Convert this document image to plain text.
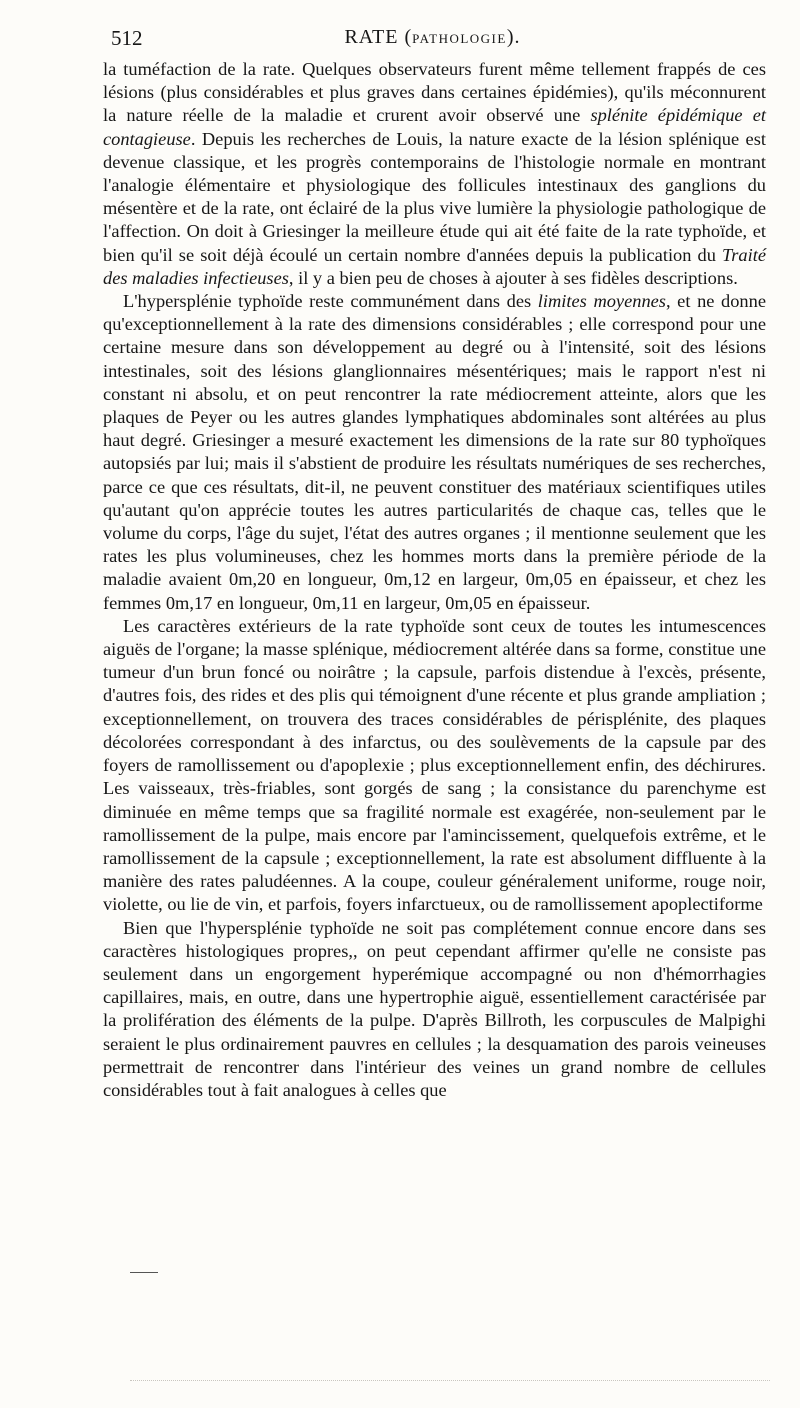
512	RATE (PATHOLOGIE).

la tuméfaction de la rate. Quelques observateurs furent même tellement frappés de ces lésions (plus considérables et plus graves dans certaines épidémies), qu'ils méconnurent la nature réelle de la maladie et crurent avoir observé une splénite épidémique et contagieuse. Depuis les recherches de Louis, la nature exacte de la lésion splénique est devenue classique, et les progrès contemporains de l'histologie normale en montrant l'analogie élémentaire et physiologique des follicules intestinaux des ganglions du mésentère et de la rate, ont éclairé de la plus vive lumière la physiologie pathologique de l'affection. On doit à Griesinger la meilleure étude qui ait été faite de la rate typhoïde, et bien qu'il se soit déjà écoulé un certain nombre d'années depuis la publication du Traité des maladies infectieuses, il y a bien peu de choses à ajouter à ses fidèles descriptions.

L'hypersplénie typhoïde reste communément dans des limites moyennes, et ne donne qu'exceptionnellement à la rate des dimensions considérables ; elle correspond pour une certaine mesure dans son développement au degré ou à l'intensité, soit des lésions intestinales, soit des lésions glanglionnaires mésentériques; mais le rapport n'est ni constant ni absolu, et on peut rencontrer la rate médiocrement atteinte, alors que les plaques de Peyer ou les autres glandes lymphatiques abdominales sont altérées au plus haut degré. Griesinger a mesuré exactement les dimensions de la rate sur 80 typhoïques autopsiés par lui; mais il s'abstient de produire les résultats numériques de ses recherches, parce ce que ces résultats, dit-il, ne peuvent constituer des matériaux scientifiques utiles qu'autant qu'on apprécie toutes les autres particularités de chaque cas, telles que le volume du corps, l'âge du sujet, l'état des autres organes ; il mentionne seulement que les rates les plus volumineuses, chez les hommes morts dans la première période de la maladie avaient 0m,20 en longueur, 0m,12 en largeur, 0m,05 en épaisseur, et chez les femmes 0m,17 en longueur, 0m,11 en largeur, 0m,05 en épaisseur.

Les caractères extérieurs de la rate typhoïde sont ceux de toutes les intumescences aiguës de l'organe; la masse splénique, médiocrement altérée dans sa forme, constitue une tumeur d'un brun foncé ou noirâtre ; la capsule, parfois distendue à l'excès, présente, d'autres fois, des rides et des plis qui témoignent d'une récente et plus grande ampliation ; exceptionnellement, on trouvera des traces considérables de périsplénite, des plaques décolorées correspondant à des infarctus, ou des soulèvements de la capsule par des foyers de ramollissement ou d'apoplexie ; plus exceptionnellement enfin, des déchirures. Les vaisseaux, très-friables, sont gorgés de sang ; la consistance du parenchyme est diminuée en même temps que sa fragilité normale est exagérée, non-seulement par le ramollissement de la pulpe, mais encore par l'amincissement, quelquefois extrême, et le ramollissement de la capsule ; exceptionnellement, la rate est absolument diffluente à la manière des rates paludéennes. A la coupe, couleur généralement uniforme, rouge noir, violette, ou lie de vin, et parfois, foyers infarctueux, ou de ramollissement apoplectiforme

Bien que l'hypersplénie typhoïde ne soit pas complétement connue encore dans ses caractères histologiques propres,, on peut cependant affirmer qu'elle ne consiste pas seulement dans un engorgement hyperémique accompagné ou non d'hémorrhagies capillaires, mais, en outre, dans une hypertrophie aiguë, essentiellement caractérisée par la prolifération des éléments de la pulpe. D'après Billroth, les corpuscules de Malpighi seraient le plus ordinairement pauvres en cellules ; la desquamation des parois veineuses permettrait de rencontrer dans l'intérieur des veines un grand nombre de cellules considérables tout à fait analogues à celles que
